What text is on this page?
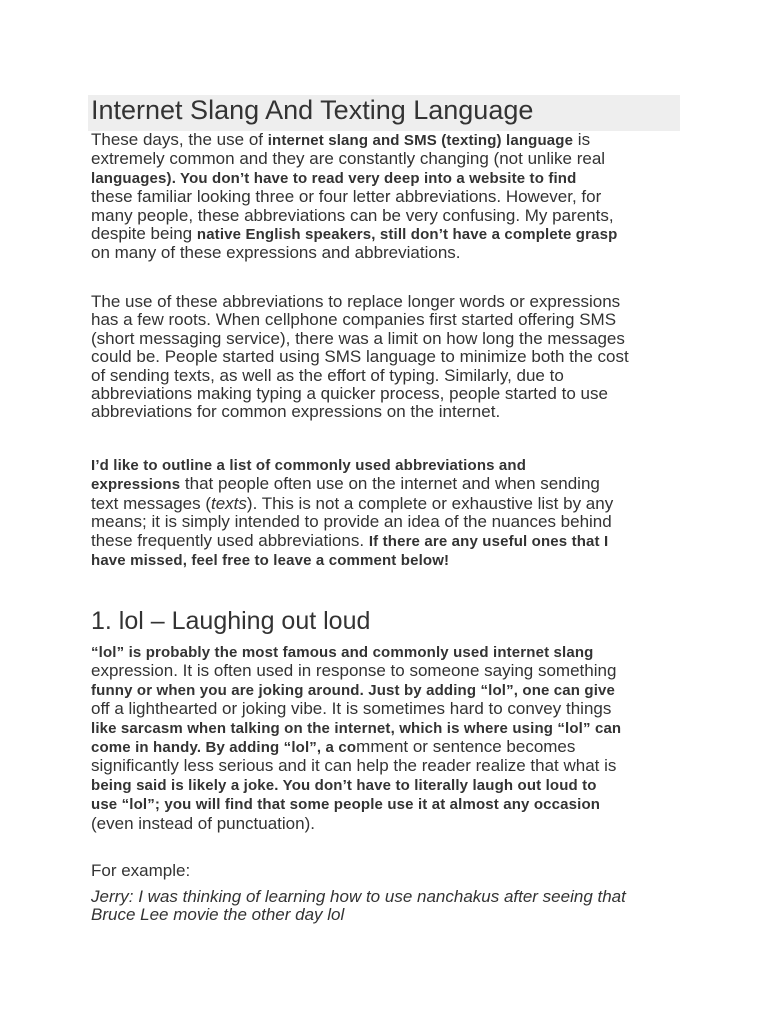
Internet Slang And Texting Language

These days, the use of internet slang and SMS (texting) language is
extremely common and they are constantly changing (not unlike real
languages). You don’t have to read very deep into a website to find
these familiar looking three or four letter abbreviations. However, for
many people, these abbreviations can be very confusing. My parents,
despite being native English speakers, still don’t have a complete grasp
on many of these expressions and abbreviations.

The use of these abbreviations to replace longer words or expressions
has a few roots. When cellphone companies first started offering SMS
(short messaging service), there was a limit on how long the messages
could be. People started using SMS language to minimize both the cost
of sending texts, as well as the effort of typing. Similarly, due to
abbreviations making typing a quicker process, people started to use
abbreviations for common expressions on the internet.

I’d like to outline a list of commonly used abbreviations and
expressions that people often use on the internet and when sending
text messages (texts). This is not a complete or exhaustive list by any
means; it is simply intended to provide an idea of the nuances behind
these frequently used abbreviations. If there are any useful ones that I
have missed, feel free to leave a comment below!

1. lol – Laughing out loud

“lol” is probably the most famous and commonly used internet slang
expression. It is often used in response to someone saying something
funny or when you are joking around. Just by adding “lol”, one can give
off a lighthearted or joking vibe. It is sometimes hard to convey things
like sarcasm when talking on the internet, which is where using “lol” can
come in handy. By adding “lol”, a comment or sentence becomes
significantly less serious and it can help the reader realize that what is
being said is likely a joke. You don’t have to literally laugh out loud to
use “lol”; you will find that some people use it at almost any occasion
(even instead of punctuation).

For example:

Jerry: I was thinking of learning how to use nanchakus after seeing that
Bruce Lee movie the other day lol
